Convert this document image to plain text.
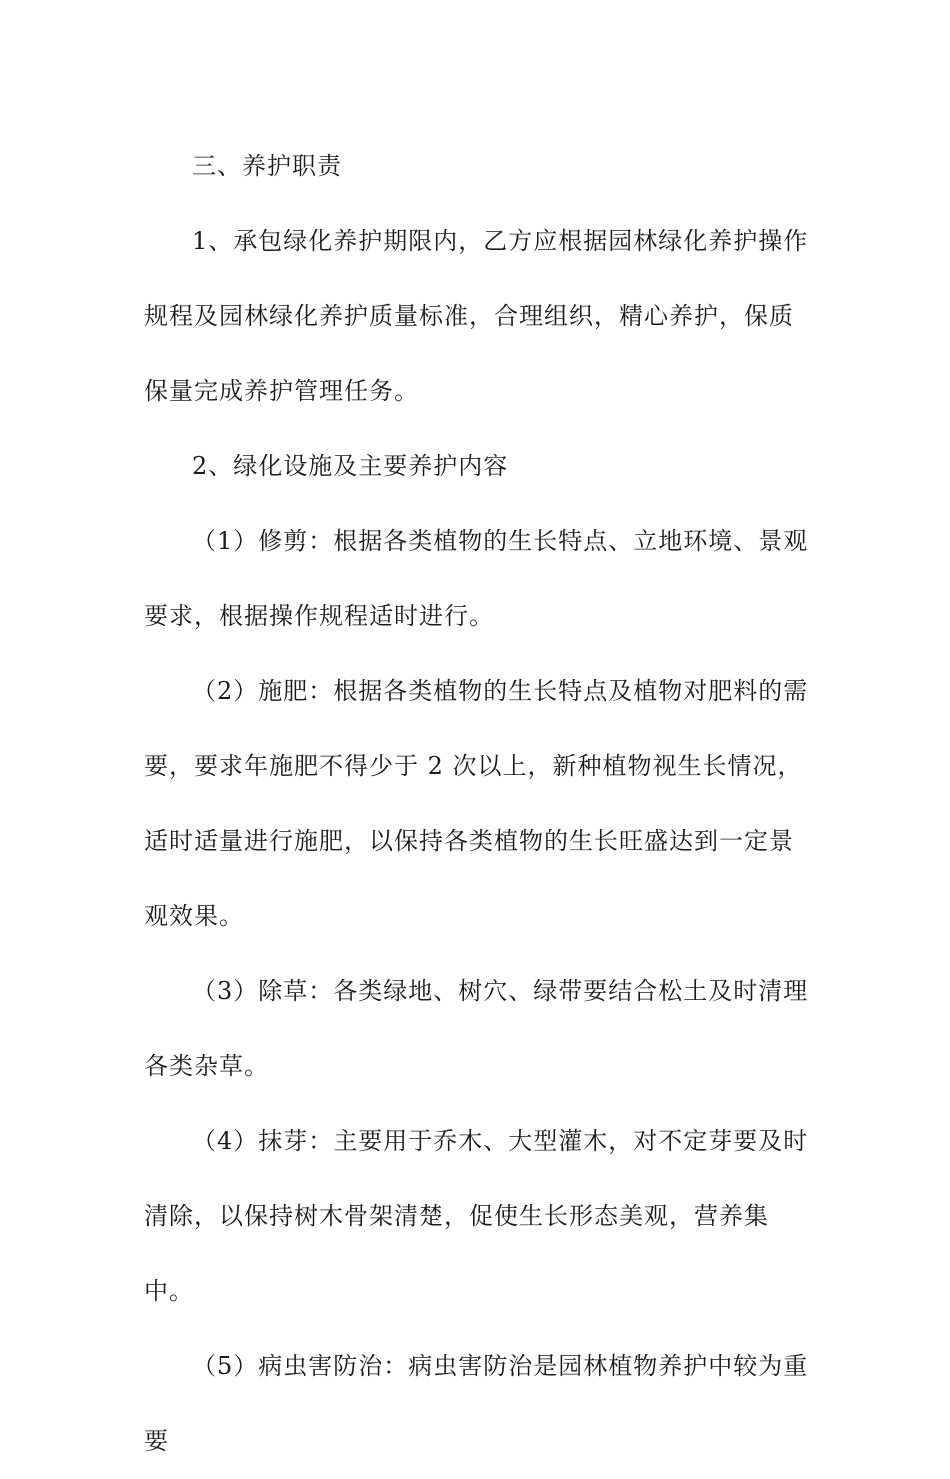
三、养护职责

1、承包绿化养护期限内，乙方应根据园林绿化养护操作规程及园林绿化养护质量标准，合理组织，精心养护，保质保量完成养护管理任务。

2、绿化设施及主要养护内容

（1）修剪：根据各类植物的生长特点、立地环境、景观要求，根据操作规程适时进行。

（2）施肥：根据各类植物的生长特点及植物对肥料的需要，要求年施肥不得少于 2 次以上，新种植物视生长情况，适时适量进行施肥，以保持各类植物的生长旺盛达到一定景观效果。

（3）除草：各类绿地、树穴、绿带要结合松土及时清理各类杂草。

（4）抹芽：主要用于乔木、大型灌木，对不定芽要及时清除，以保持树木骨架清楚，促使生长形态美观，营养集中。

（5）病虫害防治：病虫害防治是园林植物养护中较为重要
